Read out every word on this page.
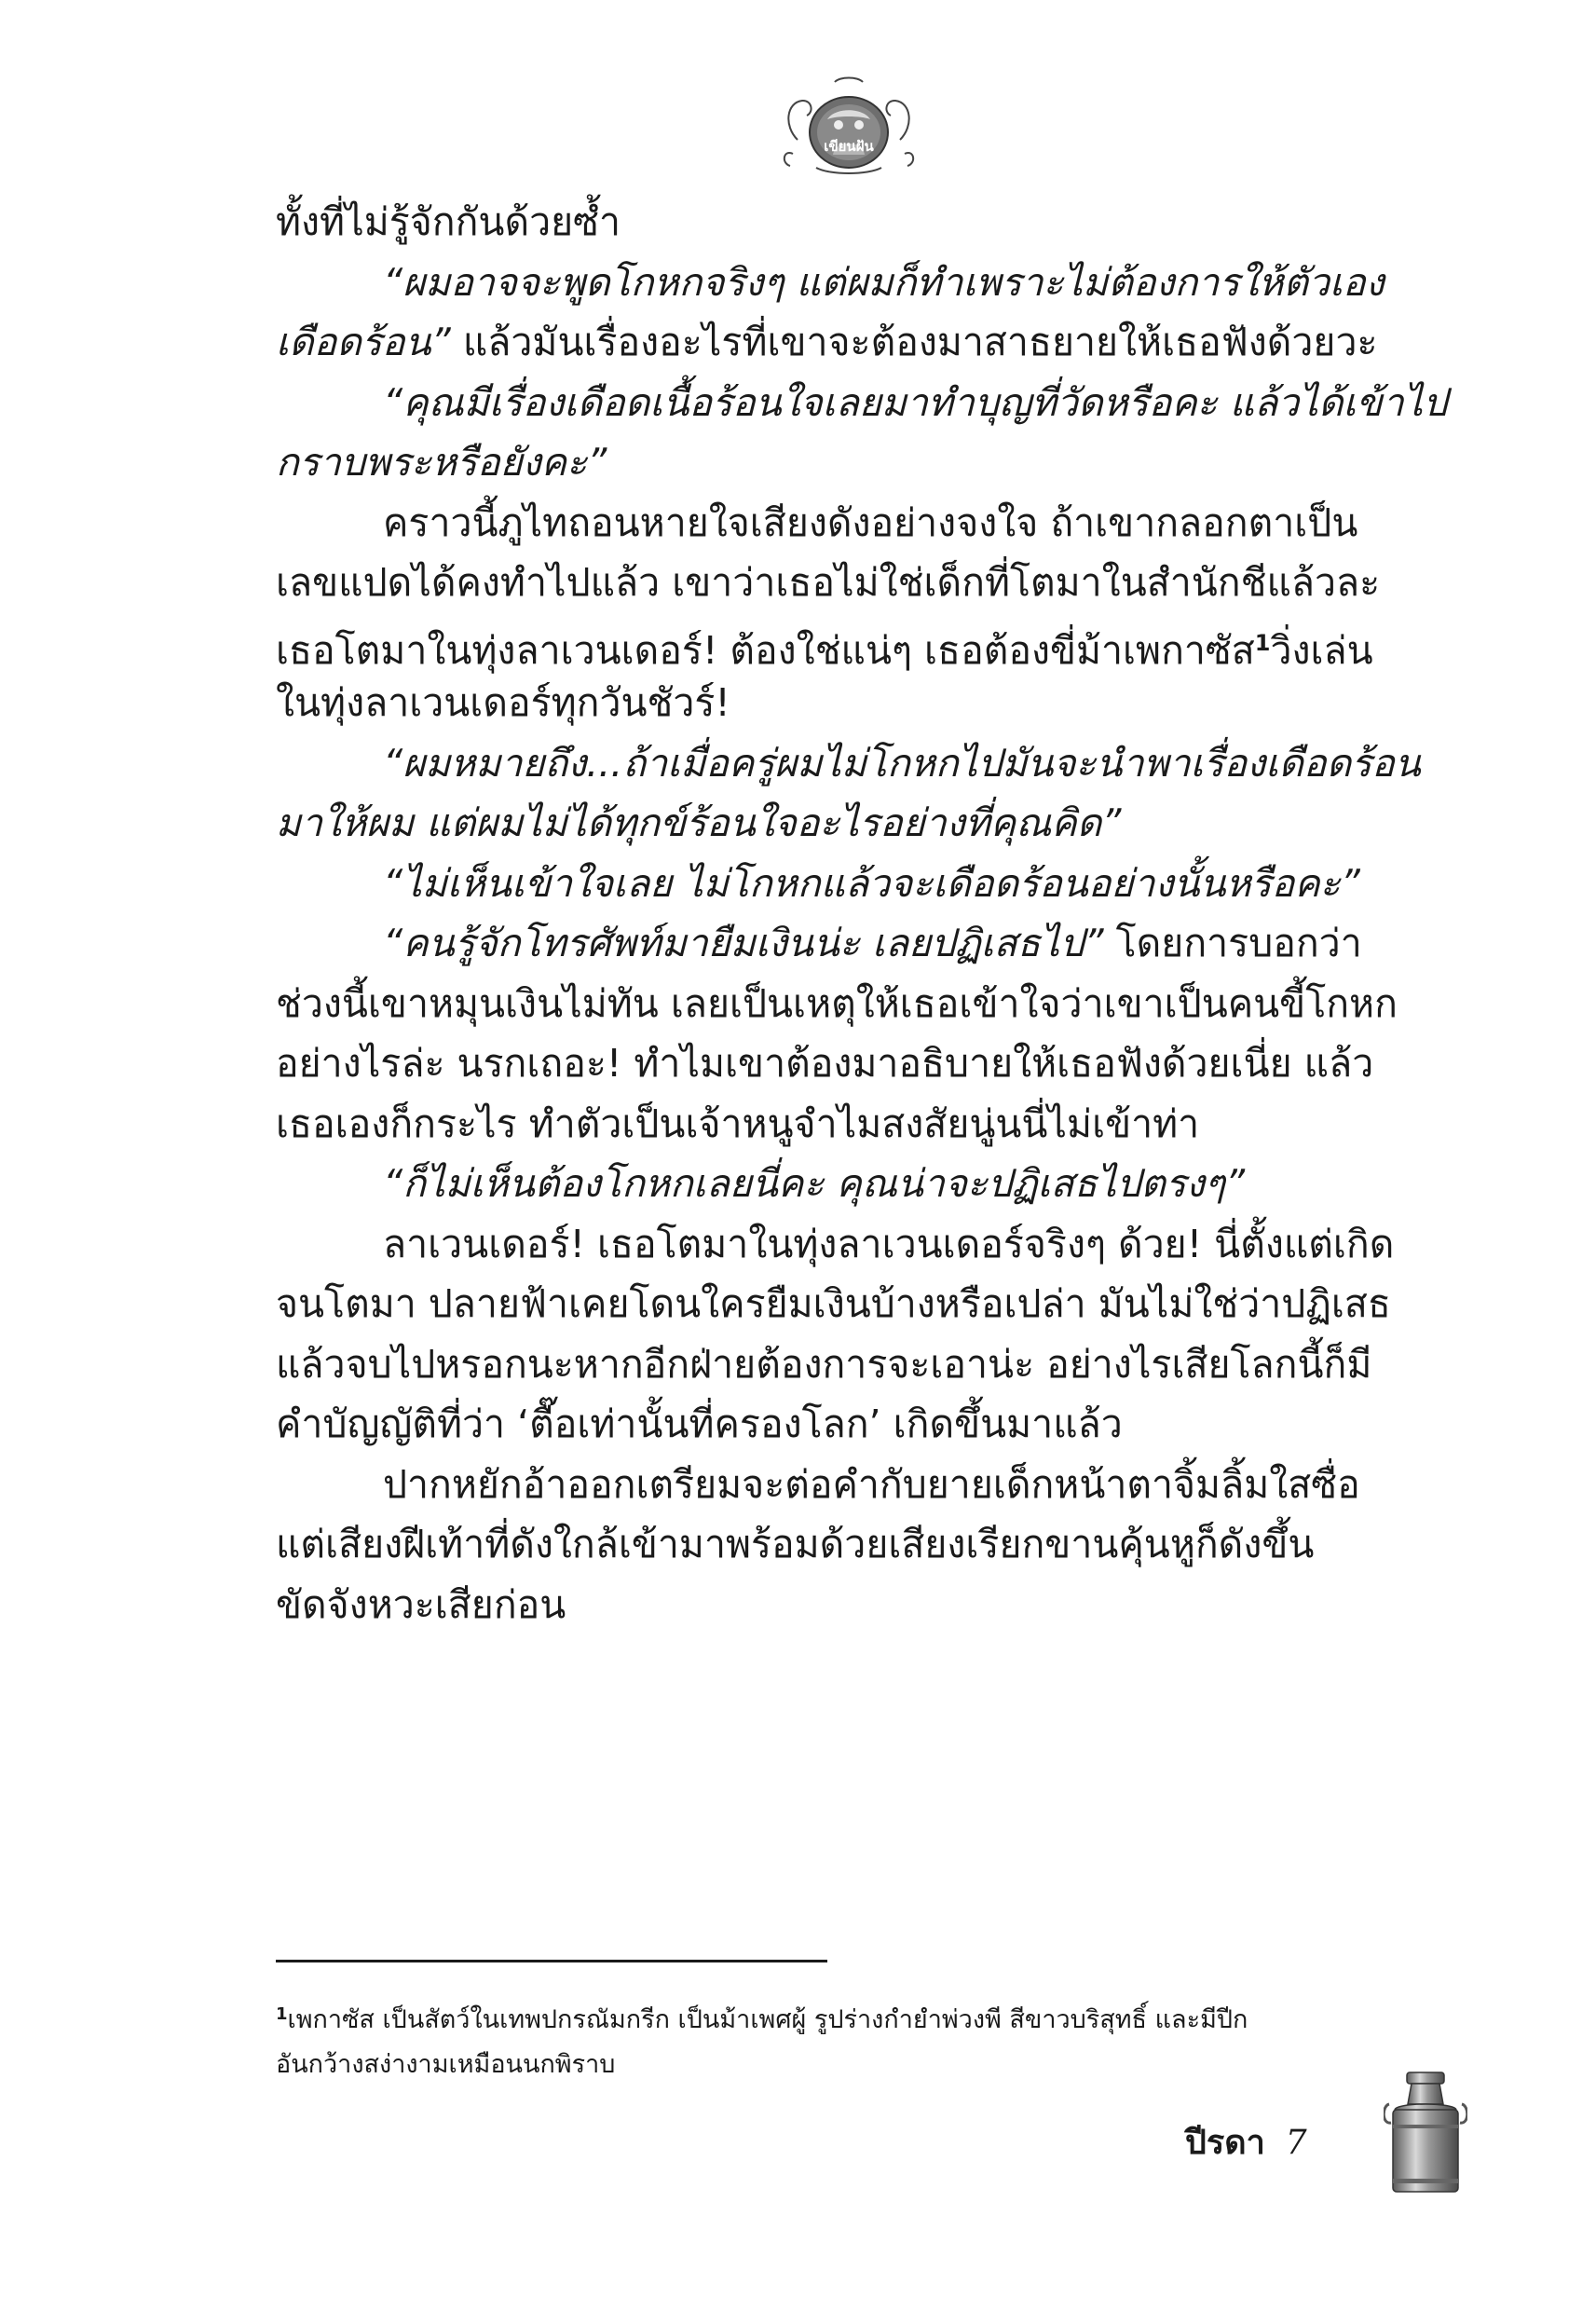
เขียนฝัน
ทั้งที่ไม่รู้จักกันด้วยซ้ำ
“ผมอาจจะพูดโกหกจริงๆ แต่ผมก็ทำเพราะไม่ต้องการให้ตัวเอง
เดือดร้อน” แล้วมันเรื่องอะไรที่เขาจะต้องมาสาธยายให้เธอฟังด้วยวะ
“คุณมีเรื่องเดือดเนื้อร้อนใจเลยมาทำบุญที่วัดหรือคะ แล้วได้เข้าไป
กราบพระหรือยังคะ”
คราวนี้ภูไทถอนหายใจเสียงดังอย่างจงใจ ถ้าเขากลอกตาเป็น
เลขแปดได้คงทำไปแล้ว เขาว่าเธอไม่ใช่เด็กที่โตมาในสำนักชีแล้วละ
เธอโตมาในทุ่งลาเวนเดอร์! ต้องใช่แน่ๆ เธอต้องขี่ม้าเพกาซัส$^1$วิ่งเล่น
ในทุ่งลาเวนเดอร์ทุกวันชัวร์!
“ผมหมายถึง...ถ้าเมื่อครู่ผมไม่โกหกไปมันจะนำพาเรื่องเดือดร้อน
มาให้ผม แต่ผมไม่ได้ทุกข์ร้อนใจอะไรอย่างที่คุณคิด”
“ไม่เห็นเข้าใจเลย ไม่โกหกแล้วจะเดือดร้อนอย่างนั้นหรือคะ”
“คนรู้จักโทรศัพท์มายืมเงินน่ะ เลยปฏิเสธไป” โดยการบอกว่า
ช่วงนี้เขาหมุนเงินไม่ทัน เลยเป็นเหตุให้เธอเข้าใจว่าเขาเป็นคนขี้โกหก
อย่างไรล่ะ นรกเถอะ! ทำไมเขาต้องมาอธิบายให้เธอฟังด้วยเนี่ย แล้ว
เธอเองก็กระไร ทำตัวเป็นเจ้าหนูจำไมสงสัยนู่นนี่ไม่เข้าท่า
“ก็ไม่เห็นต้องโกหกเลยนี่คะ คุณน่าจะปฏิเสธไปตรงๆ”
ลาเวนเดอร์! เธอโตมาในทุ่งลาเวนเดอร์จริงๆ ด้วย! นี่ตั้งแต่เกิด
จนโตมา ปลายฟ้าเคยโดนใครยืมเงินบ้างหรือเปล่า มันไม่ใช่ว่าปฏิเสธ
แล้วจบไปหรอกนะหากอีกฝ่ายต้องการจะเอาน่ะ อย่างไรเสียโลกนี้ก็มี
คำบัญญัติที่ว่า ‘ตื๊อเท่านั้นที่ครองโลก’ เกิดขึ้นมาแล้ว
ปากหยักอ้าออกเตรียมจะต่อคำกับยายเด็กหน้าตาจิ้มลิ้มใสซื่อ
แต่เสียงฝีเท้าที่ดังใกล้เข้ามาพร้อมด้วยเสียงเรียกขานคุ้นหูก็ดังขึ้น
ขัดจังหวะเสียก่อน
$^1$เพกาซัส เป็นสัตว์ในเทพปกรณัมกรีก เป็นม้าเพศผู้ รูปร่างกำยำพ่วงพี สีขาวบริสุทธิ์ และมีปีก
อันกว้างสง่างามเหมือนนกพิราบ
ปีรดา 7
